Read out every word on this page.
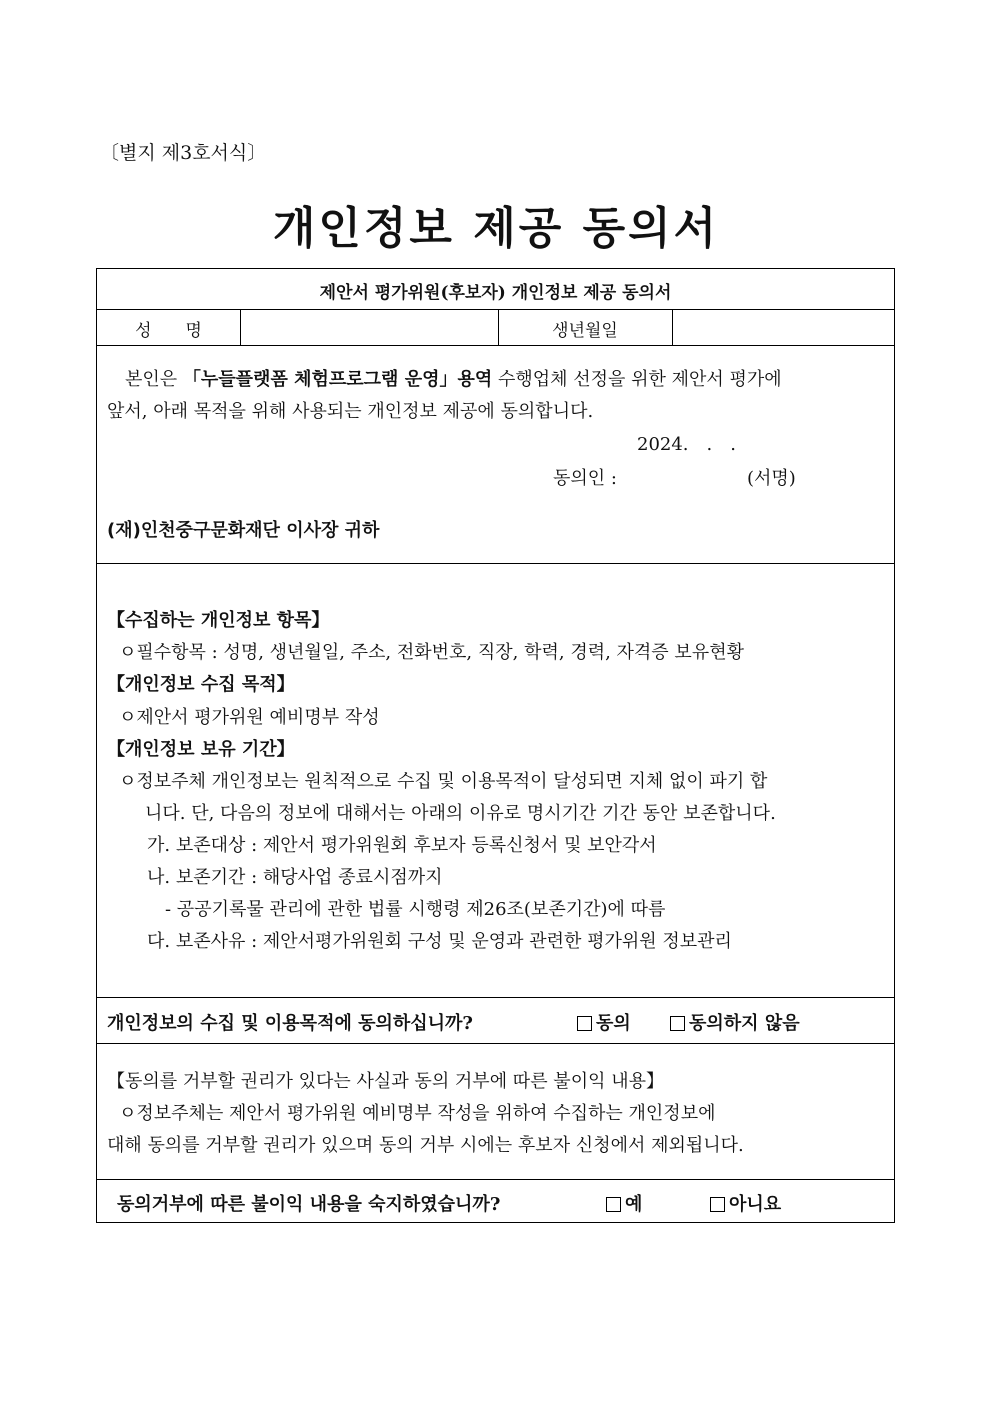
〔별지 제3호서식〕
개인정보 제공 동의서
제안서 평가위원(후보자) 개인정보 제공 동의서
성　　명	생년월일
본인은 「누들플랫폼 체험프로그램 운영」용역 수행업체 선정을 위한 제안서 평가에
앞서, 아래 목적을 위해 사용되는 개인정보 제공에 동의합니다.
2024.　.　.
동의인 :	(서명)
(재)인천중구문화재단 이사장 귀하
【수집하는 개인정보 항목】
ㅇ필수항목 : 성명, 생년월일, 주소, 전화번호, 직장, 학력, 경력, 자격증 보유현황
【개인정보 수집 목적】
ㅇ제안서 평가위원 예비명부 작성
【개인정보 보유 기간】
ㅇ정보주체 개인정보는 원칙적으로 수집 및 이용목적이 달성되면 지체 없이 파기 합
니다. 단, 다음의 정보에 대해서는 아래의 이유로 명시기간 기간 동안 보존합니다.
가. 보존대상 : 제안서 평가위원회 후보자 등록신청서 및 보안각서
나. 보존기간 : 해당사업 종료시점까지
- 공공기록물 관리에 관한 법률 시행령 제26조(보존기간)에 따름
다. 보존사유 : 제안서평가위원회 구성 및 운영과 관련한 평가위원 정보관리
개인정보의 수집 및 이용목적에 동의하십니까?	동의	동의하지 않음
【동의를 거부할 권리가 있다는 사실과 동의 거부에 따른 불이익 내용】
ㅇ정보주체는 제안서 평가위원 예비명부 작성을 위하여 수집하는 개인정보에
대해 동의를 거부할 권리가 있으며 동의 거부 시에는 후보자 신청에서 제외됩니다.
동의거부에 따른 불이익 내용을 숙지하였습니까?	예	아니요
